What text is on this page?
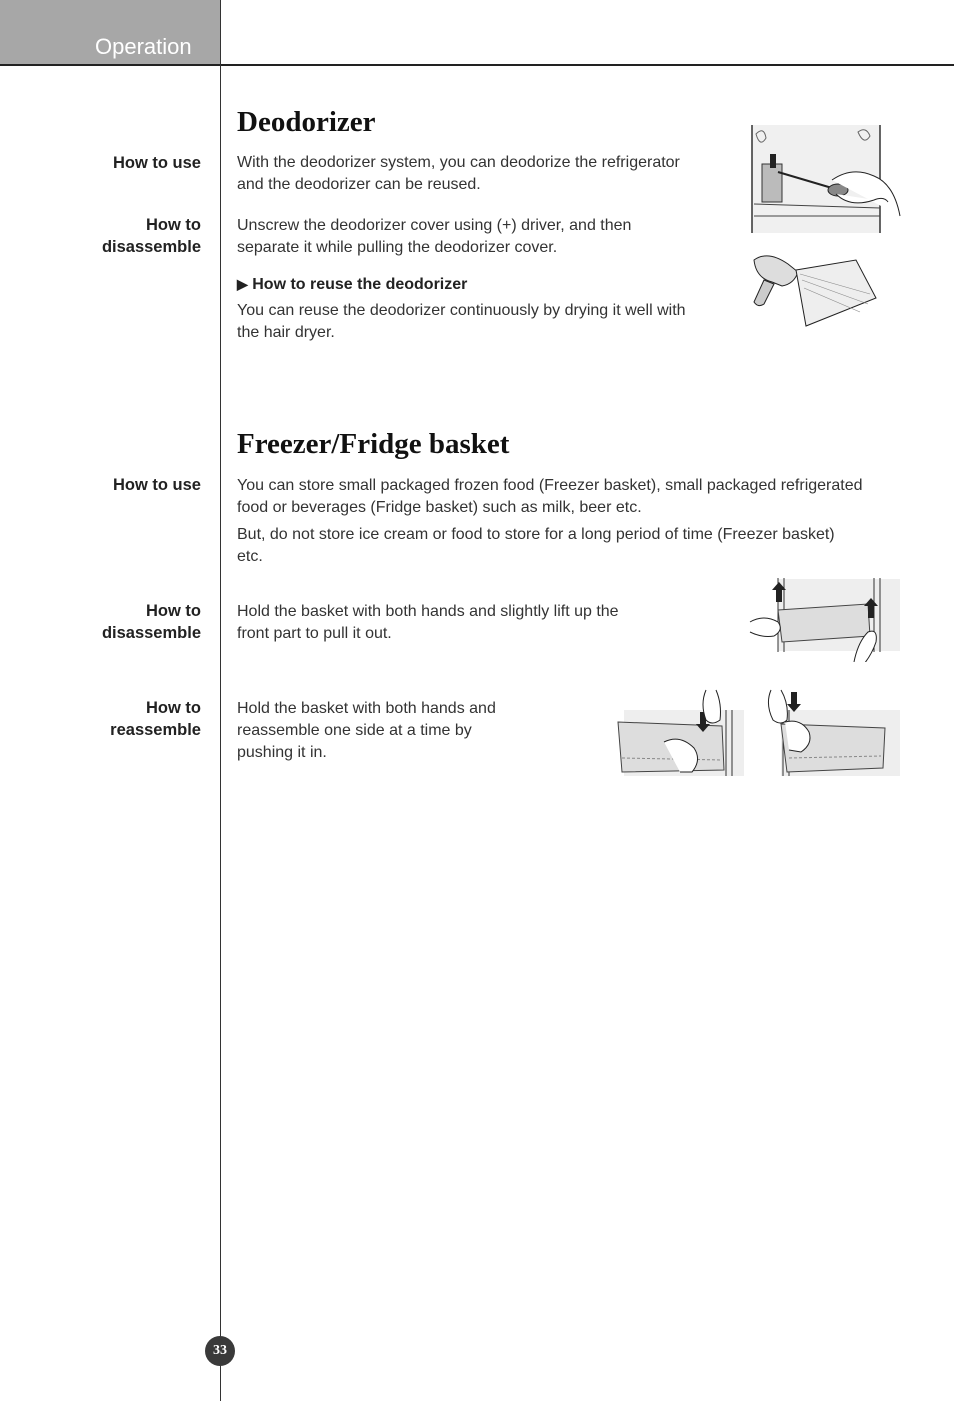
Operation
Deodorizer
How to use With the deodorizer system, you can deodorize the refrigerator
and the deodorizer can be reused.
How to
disassemble
Unscrew the deodorizer cover using (+) driver, and then
separate it while pulling the deodorizer cover.
▶ How to reuse the deodorizer
You can reuse the deodorizer continuously by drying it well with
the hair dryer.
Freezer/Fridge basket
How to use You can store small packaged frozen food (Freezer basket), small packaged refrigerated
food or beverages (Fridge basket) such as milk, beer etc.
But, do not store ice cream or food to store for a long period of time (Freezer basket)
etc.
How to
disassemble
Hold the basket with both hands and slightly lift up the
front part to pull it out.
How to
reassemble
Hold the basket with both hands and
reassemble one side at a time by
pushing it in.
33
